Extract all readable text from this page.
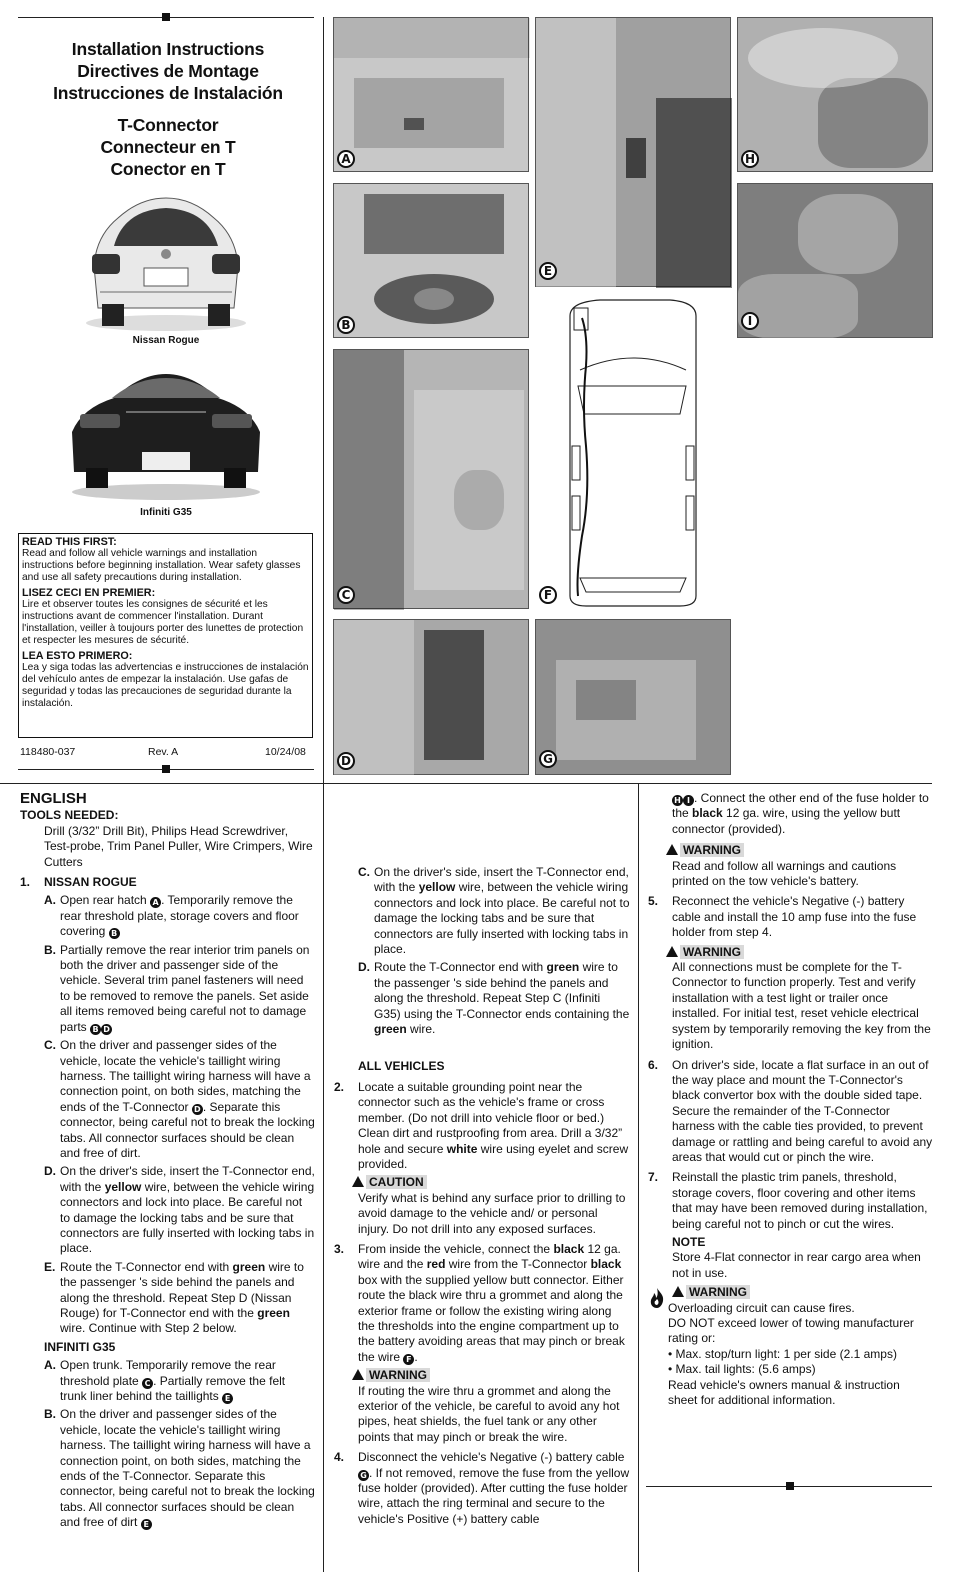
Installation Instructions
Directives de Montage
Instrucciones de Instalación
T-Connector
Connecteur en T
Conector en T
Nissan Rogue
Infiniti G35
READ THIS FIRST:

Read and follow all vehicle warnings and installation instructions before beginning installation. Wear safety glasses and use all safety precautions during installation.

LISEZ CECI EN PREMIER:

Lire et observer toutes les consignes de sécurité et les instructions avant de commencer l'installation. Durant l'installation, veiller à toujours porter des lunettes de protection et respecter les mesures de sécurité.

LEA ESTO PRIMERO:

Lea y siga todas las advertencias e instrucciones de instalación del vehículo antes de empezar la instalación. Use gafas de seguridad y todas las precauciones de seguridad durante la instalación.

118480-037	Rev. A	10/24/08
A
B
C
D
E
F
G
H
I
ENGLISH
TOOLS NEEDED:
Drill (3/32” Drill Bit), Philips Head Screwdriver, Test-probe, Trim Panel Puller, Wire Crimpers, Wire Cutters
1. NISSAN ROGUE
A. Open rear hatch A . Temporarily remove the rear threshold plate, storage covers and floor covering B
B. Partially remove the rear interior trim panels on both the driver and passenger side of the vehicle. Several trim panel fasteners will need to be removed to remove the panels. Set aside all items removed being careful not to damage parts B D
C. On the driver and passenger sides of the vehicle, locate the vehicle's taillight wiring harness. The taillight wiring harness will have a connection point, on both sides, matching the ends of the T-Connector D . Separate this connector, being careful not to break the locking tabs. All connector surfaces should be clean and free of dirt.
D. On the driver's side, insert the T-Connector end, with the yellow wire, between the vehicle wiring connectors and lock into place. Be careful not to damage the locking tabs and be sure that connectors are fully inserted with locking tabs in place.
E. Route the T-Connector end with green wire to the passenger 's side behind the panels and along the threshold. Repeat Step D (Nissan Rouge) for T-Connector end with the green wire. Continue with Step 2 below.
INFINITI G35
A. Open trunk. Temporarily remove the rear threshold plate C . Partially remove the felt trunk liner behind the taillights E
B. On the driver and passenger sides of the vehicle, locate the vehicle's taillight wiring harness. The taillight wiring harness will have a connection point, on both sides, matching the ends of the T-Connector. Separate this connector, being careful not to break the locking tabs. All connector surfaces should be clean and free of dirt E
C. On the driver's side, insert the T-Connector end, with the yellow wire, between the vehicle wiring connectors and lock into place. Be careful not to damage the locking tabs and be sure that connectors are fully inserted with locking tabs in place.
D. Route the T-Connector end with green wire to the passenger 's side behind the panels and along the threshold. Repeat Step C (Infiniti G35) using the T-Connector ends containing the green wire.
ALL VEHICLES
2. Locate a suitable grounding point near the connector such as the vehicle's frame or cross member. (Do not drill into vehicle floor or bed.) Clean dirt and rustproofing from area. Drill a 3/32” hole and secure white wire using eyelet and screw provided.
CAUTION
Verify what is behind any surface prior to drilling to avoid damage to the vehicle and/ or personal injury. Do not drill into any exposed surfaces.
3. From inside the vehicle, connect the black 12 ga. wire and the red wire from the T-Connector black box with the supplied yellow butt connector. Either route the black wire thru a grommet and along the exterior frame or follow the existing wiring along the thresholds into the engine compartment up to the battery avoiding areas that may pinch or break the wire F .
WARNING
If routing the wire thru a grommet and along the exterior of the vehicle, be careful to avoid any hot pipes, heat shields, the fuel tank or any other points that may pinch or break the wire.
4. Disconnect the vehicle's Negative (-) battery cable G . If not removed, remove the fuse from the yellow fuse holder (provided). After cutting the fuse holder wire, attach the ring terminal and secure to the vehicle's Positive (+) battery cable
H I . Connect the other end of the fuse holder to the black 12 ga. wire, using the yellow butt connector (provided).
WARNING
Read and follow all warnings and cautions printed on the tow vehicle's battery.
5. Reconnect the vehicle's Negative (-) battery cable and install the 10 amp fuse into the fuse holder from step 4.
WARNING
All connections must be complete for the T-Connector to function properly. Test and verify installation with a test light or trailer once installed. For initial test, reset vehicle electrical system by temporarily removing the key from the ignition.
6. On driver's side, locate a flat surface in an out of the way place and mount the T-Connector's black convertor box with the double sided tape. Secure the remainder of the T-Connector harness with the cable ties provided, to prevent damage or rattling and being careful to avoid any areas that would cut or pinch the wire.
7. Reinstall the plastic trim panels, threshold, storage covers, floor covering and other items that may have been removed during installation, being careful not to pinch or cut the wires.
NOTE
Store 4-Flat connector in rear cargo area when not in use.
WARNING
Overloading circuit can cause fires.
DO NOT exceed lower of towing manufacturer
rating or:
• Max. stop/turn light: 1 per side (2.1 amps)
• Max. tail lights: (5.6 amps)
Read vehicle's owners manual & instruction
sheet for additional information.
